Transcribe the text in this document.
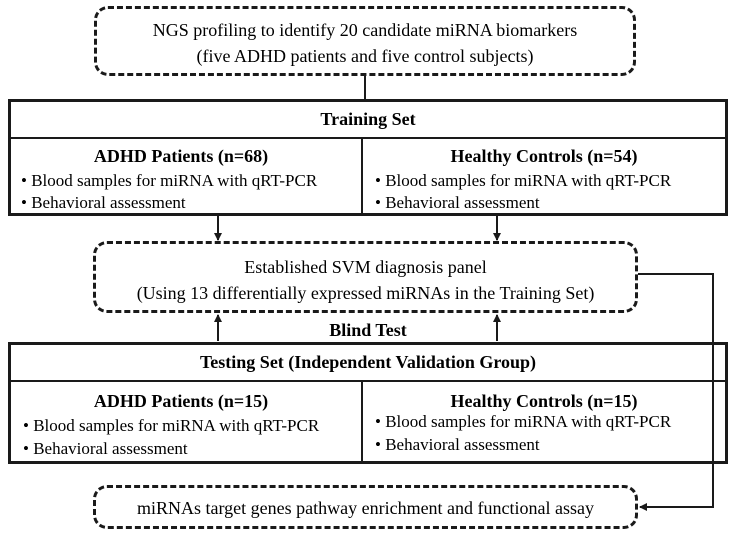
NGS profiling to identify 20 candidate miRNA biomarkers
(five ADHD patients and five control subjects)
Training Set
ADHD Patients (n=68)
• Blood samples for miRNA with qRT-PCR
• Behavioral assessment
Healthy Controls (n=54)
• Blood samples for miRNA with qRT-PCR
• Behavioral assessment
Established SVM diagnosis panel
(Using 13 differentially expressed miRNAs in the Training Set)
Blind Test
Testing Set (Independent Validation Group)
ADHD Patients (n=15)
• Blood samples for miRNA with qRT-PCR
• Behavioral assessment
Healthy Controls (n=15)
• Blood samples for miRNA with qRT-PCR
• Behavioral assessment
miRNAs target genes pathway enrichment and functional assay
